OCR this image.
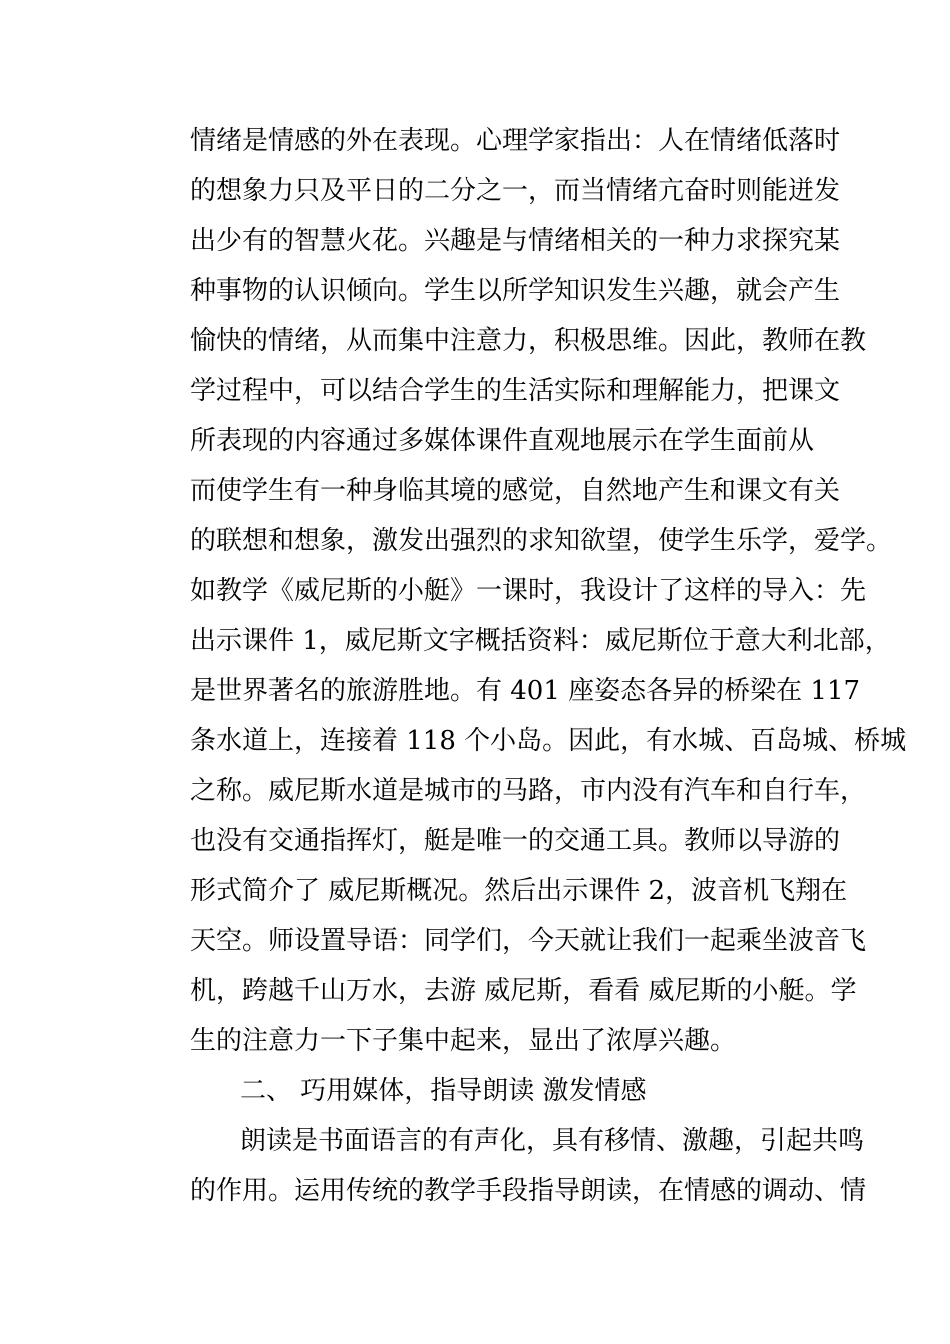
情绪是情感的外在表现。心理学家指出：人在情绪低落时
的想象力只及平日的二分之一，而当情绪亢奋时则能迸发
出少有的智慧火花。兴趣是与情绪相关的一种力求探究某
种事物的认识倾向。学生以所学知识发生兴趣，就会产生
愉快的情绪，从而集中注意力，积极思维。因此，教师在教
学过程中，可以结合学生的生活实际和理解能力，把课文
所表现的内容通过多媒体课件直观地展示在学生面前从
而使学生有一种身临其境的感觉，自然地产生和课文有关
的联想和想象，激发出强烈的求知欲望，使学生乐学，爱学。
如教学《威尼斯的小艇》一课时，我设计了这样的导入：先
出示课件 1，威尼斯文字概括资料：威尼斯位于意大利北部，
是世界著名的旅游胜地。有 401 座姿态各异的桥梁在 117
条水道上，连接着 118 个小岛。因此，有水城、百岛城、桥城
之称。威尼斯水道是城市的马路，市内没有汽车和自行车，
也没有交通指挥灯，艇是唯一的交通工具。教师以导游的
形式简介了 威尼斯概况。然后出示课件 2，波音机飞翔在
天空。师设置导语：同学们，今天就让我们一起乘坐波音飞
机，跨越千山万水，去游 威尼斯，看看 威尼斯的小艇。学
生的注意力一下子集中起来，显出了浓厚兴趣。
二、 巧用媒体，指导朗读 激发情感
朗读是书面语言的有声化，具有移情、激趣，引起共鸣
的作用。运用传统的教学手段指导朗读，在情感的调动、情
